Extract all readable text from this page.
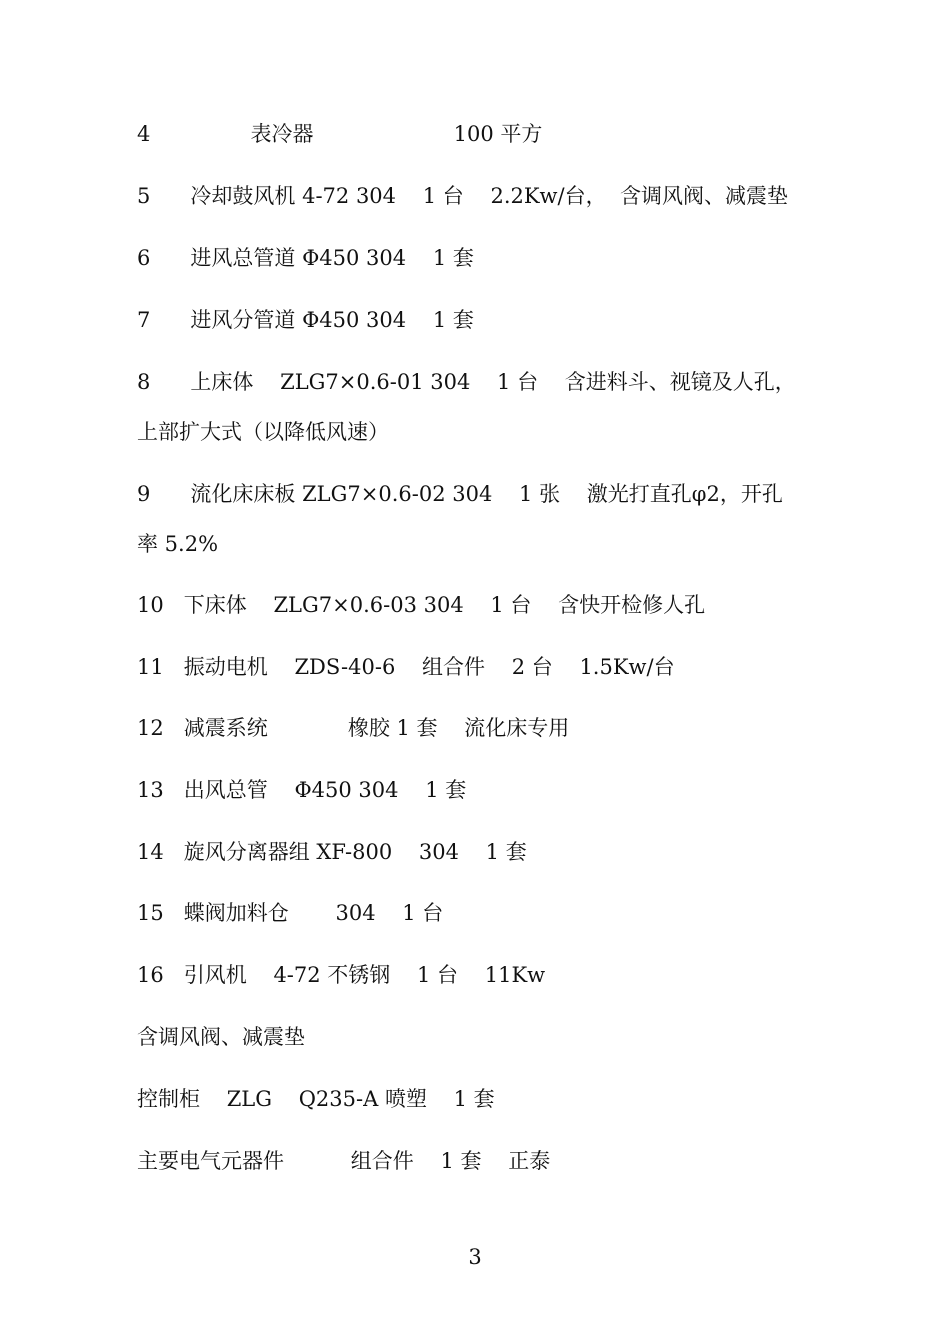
4               表冷器                     100 平方
5      冷却鼓风机 4-72 304    1 台    2.2Kw/台，  含调风阀、减震垫
6      进风总管道 Φ450 304    1 套
7      进风分管道 Φ450 304    1 套
8      上床体    ZLG7×0.6-01 304    1 台    含进料斗、视镜及人孔，
上部扩大式（以降低风速）
9      流化床床板 ZLG7×0.6-02 304    1 张    激光打直孔φ2，开孔
率 5.2%
10   下床体    ZLG7×0.6-03 304    1 台    含快开检修人孔
11   振动电机    ZDS-40-6    组合件    2 台    1.5Kw/台
12   减震系统            橡胶 1 套    流化床专用
13   出风总管    Φ450 304    1 套
14   旋风分离器组 XF-800    304    1 套
15   蝶阀加料仓       304    1 台
16   引风机    4-72 不锈钢    1 台    11Kw
含调风阀、减震垫
控制柜    ZLG    Q235-A 喷塑    1 套
主要电气元器件          组合件    1 套    正泰
3
